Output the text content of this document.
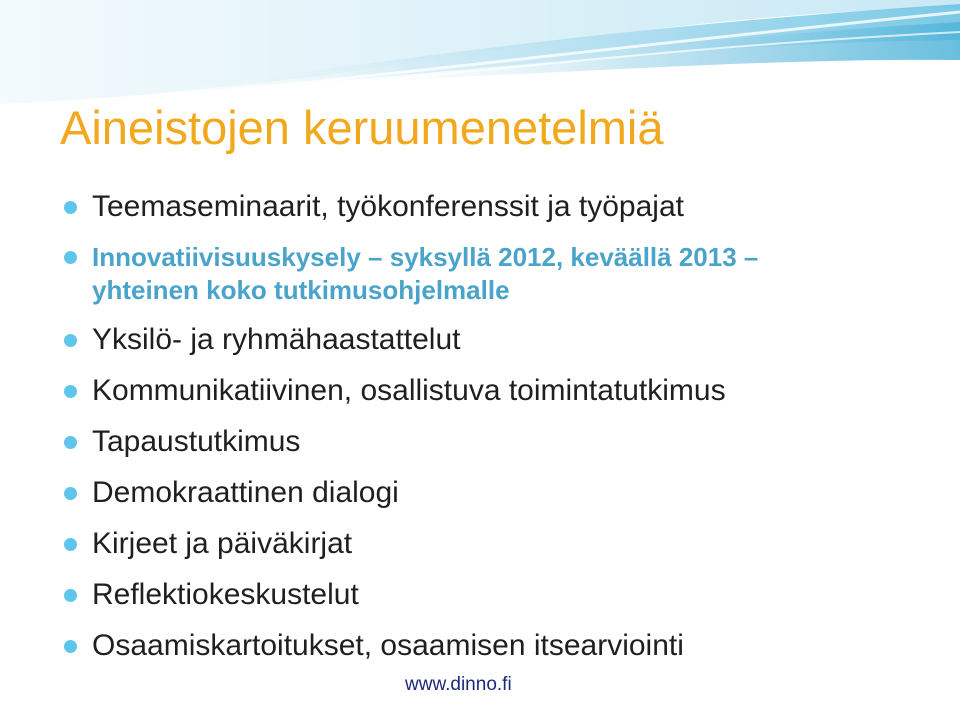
Aineistojen keruumenetelmiä
Teemaseminaarit, työkonferenssit ja työpajat
Innovatiivisuuskysely – syksyllä 2012, keväällä 2013 – yhteinen koko tutkimusohjelmalle
Yksilö- ja ryhmähaastattelut
Kommunikatiivinen, osallistuva toimintatutkimus
Tapaustutkimus
Demokraattinen dialogi
Kirjeet ja päiväkirjat
Reflektiokeskustelut
Osaamiskartoitukset, osaamisen itsearviointi
www.dinno.fi
